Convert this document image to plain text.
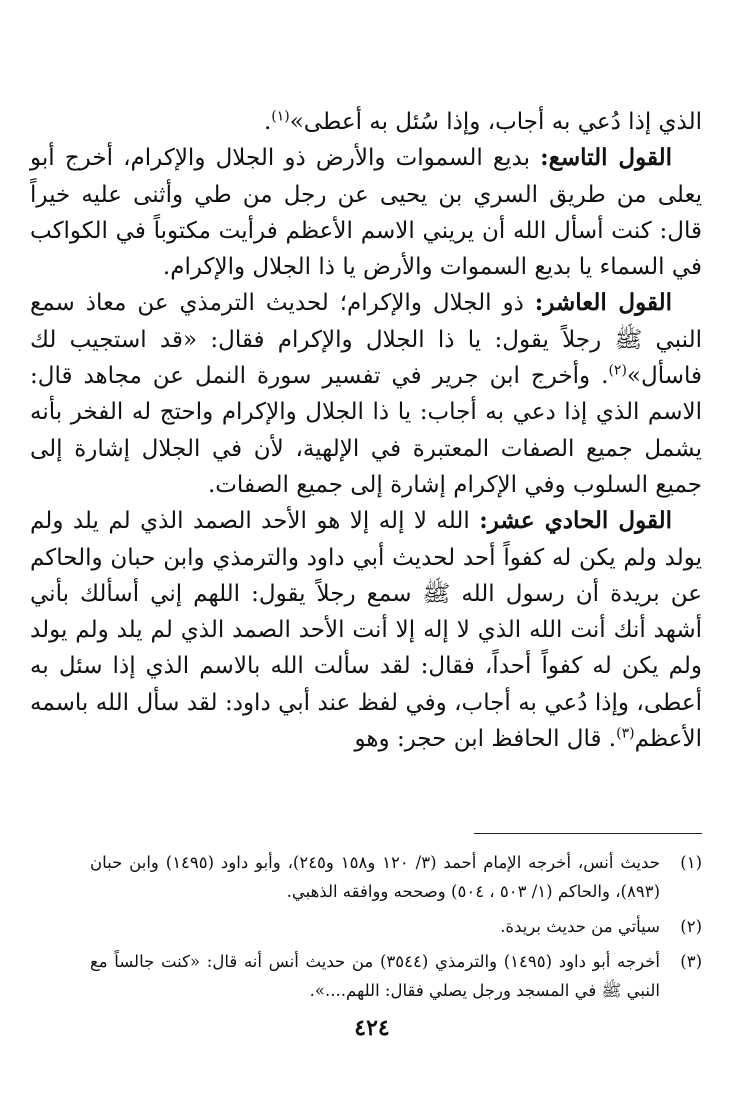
الذي إذا دُعي به أجاب، وإذا سُئل به أعطى»$^{(١)}$.

القول التاسع: بديع السموات والأرض ذو الجلال والإكرام، أخرج أبو يعلى من طريق السري بن يحيى عن رجل من طي وأثنى عليه خيراً قال: كنت أسأل الله أن يريني الاسم الأعظم فرأيت مكتوباً في الكواكب في السماء يا بديع السموات والأرض يا ذا الجلال والإكرام.

القول العاشر: ذو الجلال والإكرام؛ لحديث الترمذي عن معاذ سمع النبي ﷺ رجلاً يقول: يا ذا الجلال والإكرام فقال: «قد استجيب لك فاسأل»$^{(٢)}$. وأخرج ابن جرير في تفسير سورة النمل عن مجاهد قال: الاسم الذي إذا دعي به أجاب: يا ذا الجلال والإكرام واحتج له الفخر بأنه يشمل جميع الصفات المعتبرة في الإلهية، لأن في الجلال إشارة إلى جميع السلوب وفي الإكرام إشارة إلى جميع الصفات.

القول الحادي عشر: الله لا إله إلا هو الأحد الصمد الذي لم يلد ولم يولد ولم يكن له كفواً أحد لحديث أبي داود والترمذي وابن حبان والحاكم عن بريدة أن رسول الله ﷺ سمع رجلاً يقول: اللهم إني أسألك بأني أشهد أنك أنت الله الذي لا إله إلا أنت الأحد الصمد الذي لم يلد ولم يولد ولم يكن له كفواً أحداً، فقال: لقد سألت الله بالاسم الذي إذا سئل به أعطى، وإذا دُعي به أجاب، وفي لفظ عند أبي داود: لقد سأل الله باسمه الأعظم$^{(٣)}$. قال الحافظ ابن حجر: وهو

(١)
حديث أنس، أخرجه الإمام أحمد (٣/ ١٢٠ و١٥٨ و٢٤٥)، وأبو داود (١٤٩٥) وابن حبان (٨٩٣)، والحاكم (١/ ٥٠٣ ، ٥٠٤) وصححه ووافقه الذهبي.
(٢)
سيأتي من حديث بريدة.
(٣)
أخرجه أبو داود (١٤٩٥) والترمذي (٣٥٤٤) من حديث أنس أنه قال: «كنت جالساً مع النبي ﷺ في المسجد ورجل يصلي فقال: اللهم....».
٤٢٤
